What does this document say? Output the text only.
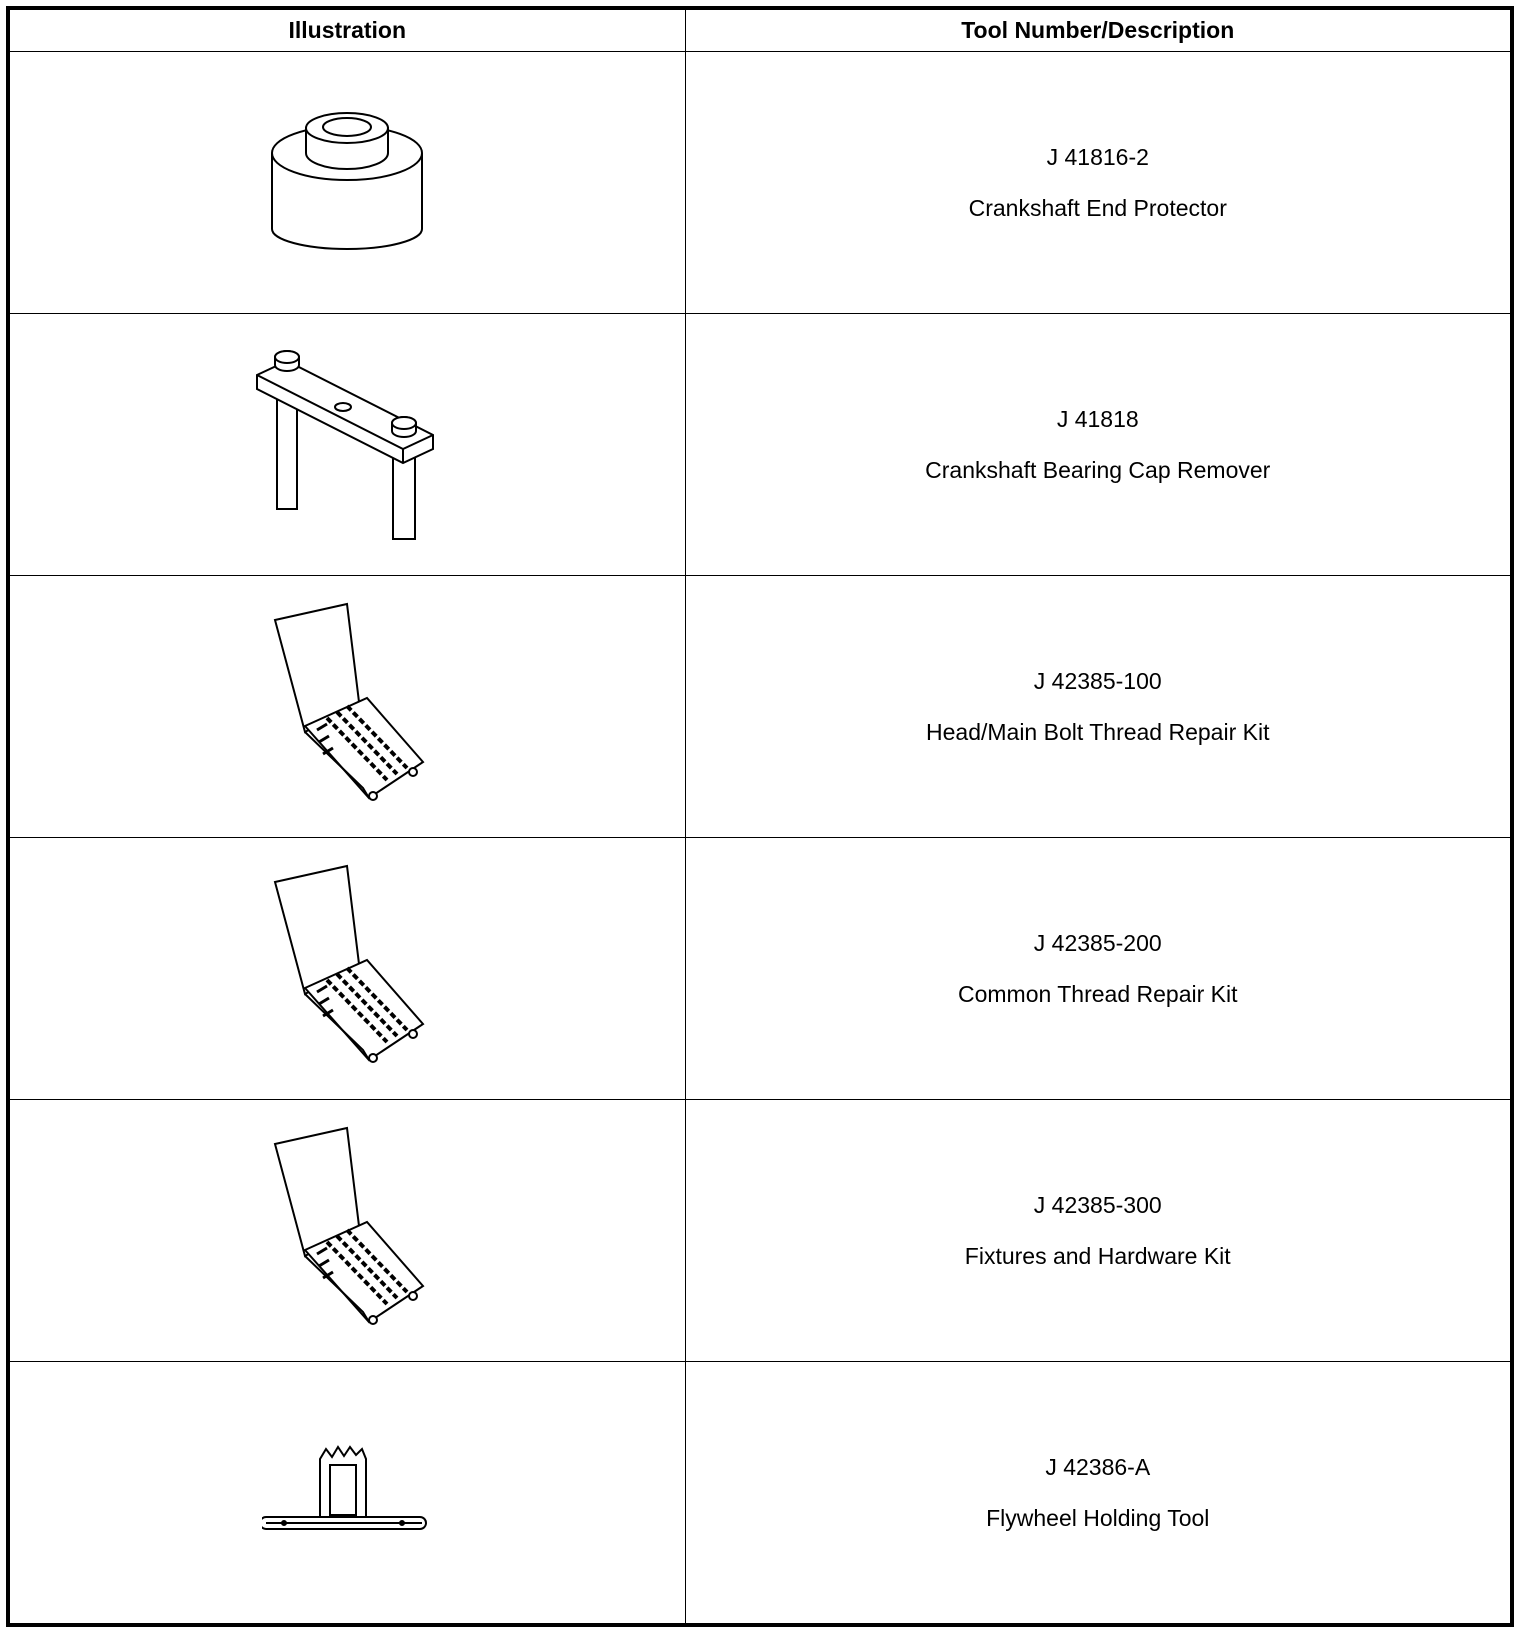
Illustration	Tool Number/Description

J 41816-2
Crankshaft End Protector

J 41818
Crankshaft Bearing Cap Remover

J 42385-100
Head/Main Bolt Thread Repair Kit

J 42385-200
Common Thread Repair Kit

J 42385-300
Fixtures and Hardware Kit

J 42386-A
Flywheel Holding Tool
